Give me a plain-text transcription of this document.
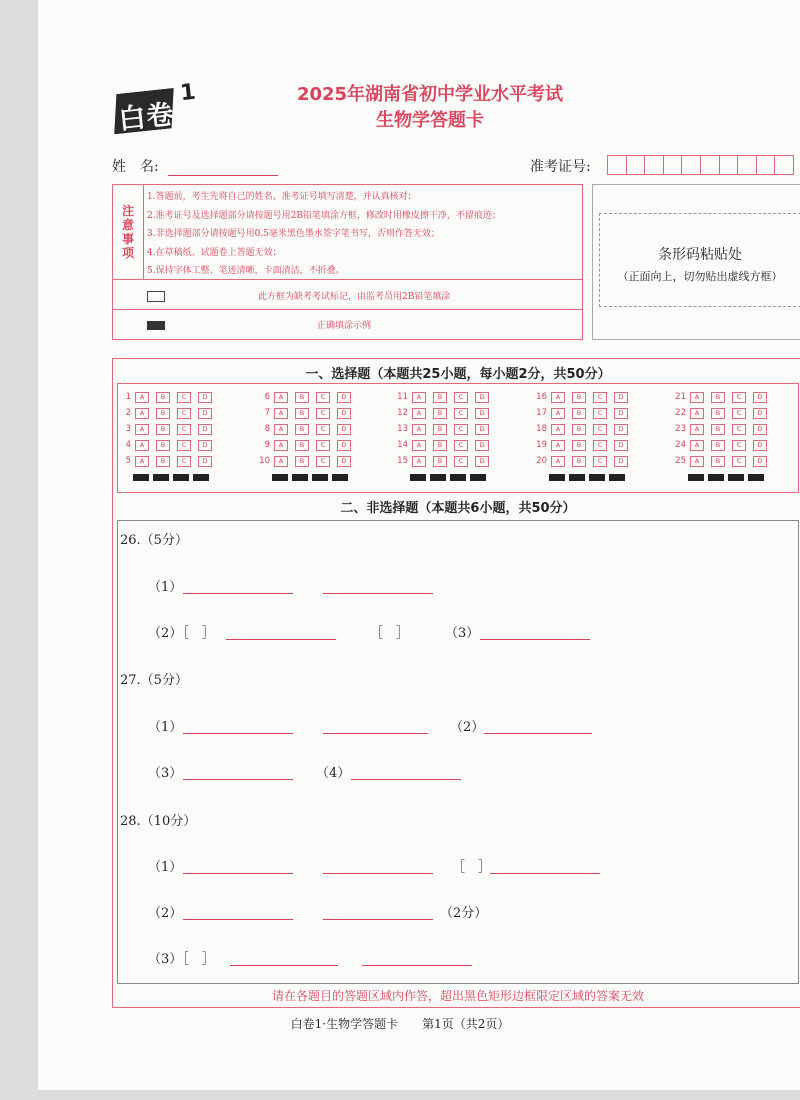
白卷
1	2025年湖南省初中学业水平考试
生物学答题卡
姓　名:	准考证号:
注意事项
1.答题前，考生先将自己的姓名、准考证号填写清楚，并认真核对；
2.准考证号及选择题部分请按题号用2B铅笔填涂方框，修改时用橡皮擦干净，不留痕迹；
3.非选择题部分请按题号用0.5毫米黑色墨水签字笔书写，否则作答无效；
4.在草稿纸、试题卷上答题无效；
5.保持字体工整、笔迹清晰，卡面清洁，不折叠。
此方框为缺考考试标记，由监考员用2B铅笔填涂
正确填涂示例
条形码粘贴处
（正面向上，切勿贴出虚线方框）
一、选择题（本题共25小题，每小题2分，共50分）
二、非选择题（本题共6小题，共50分）
请在各题目的答题区域内作答，超出黑色矩形边框限定区域的答案无效
1	A	B	C	D
2	A	B	C	D
3	A	B	C	D
4	A	B	C	D
5	A	B	C	D
6	A	B	C	D
7	A	B	C	D
8	A	B	C	D
9	A	B	C	D
10	A	B	C	D
11	A	B	C	D
12	A	B	C	D
13	A	B	C	D
14	A	B	C	D
15	A	B	C	D
16	A	B	C	D
17	A	B	C	D
18	A	B	C	D
19	A	B	C	D
20	A	B	C	D
21	A	B	C	D
22	A	B	C	D
23	A	B	C	D
24	A	B	C	D
25	A	B	C	D
26.（5分）
（1）
（2）［　］	［　］	（3）
27.（5分）
（1）	（2）
（3）	（4）
28.（10分）
（1）	［　］
（2）	（2分）
（3）［　］
白卷1·生物学答题卡　　第1页（共2页）
